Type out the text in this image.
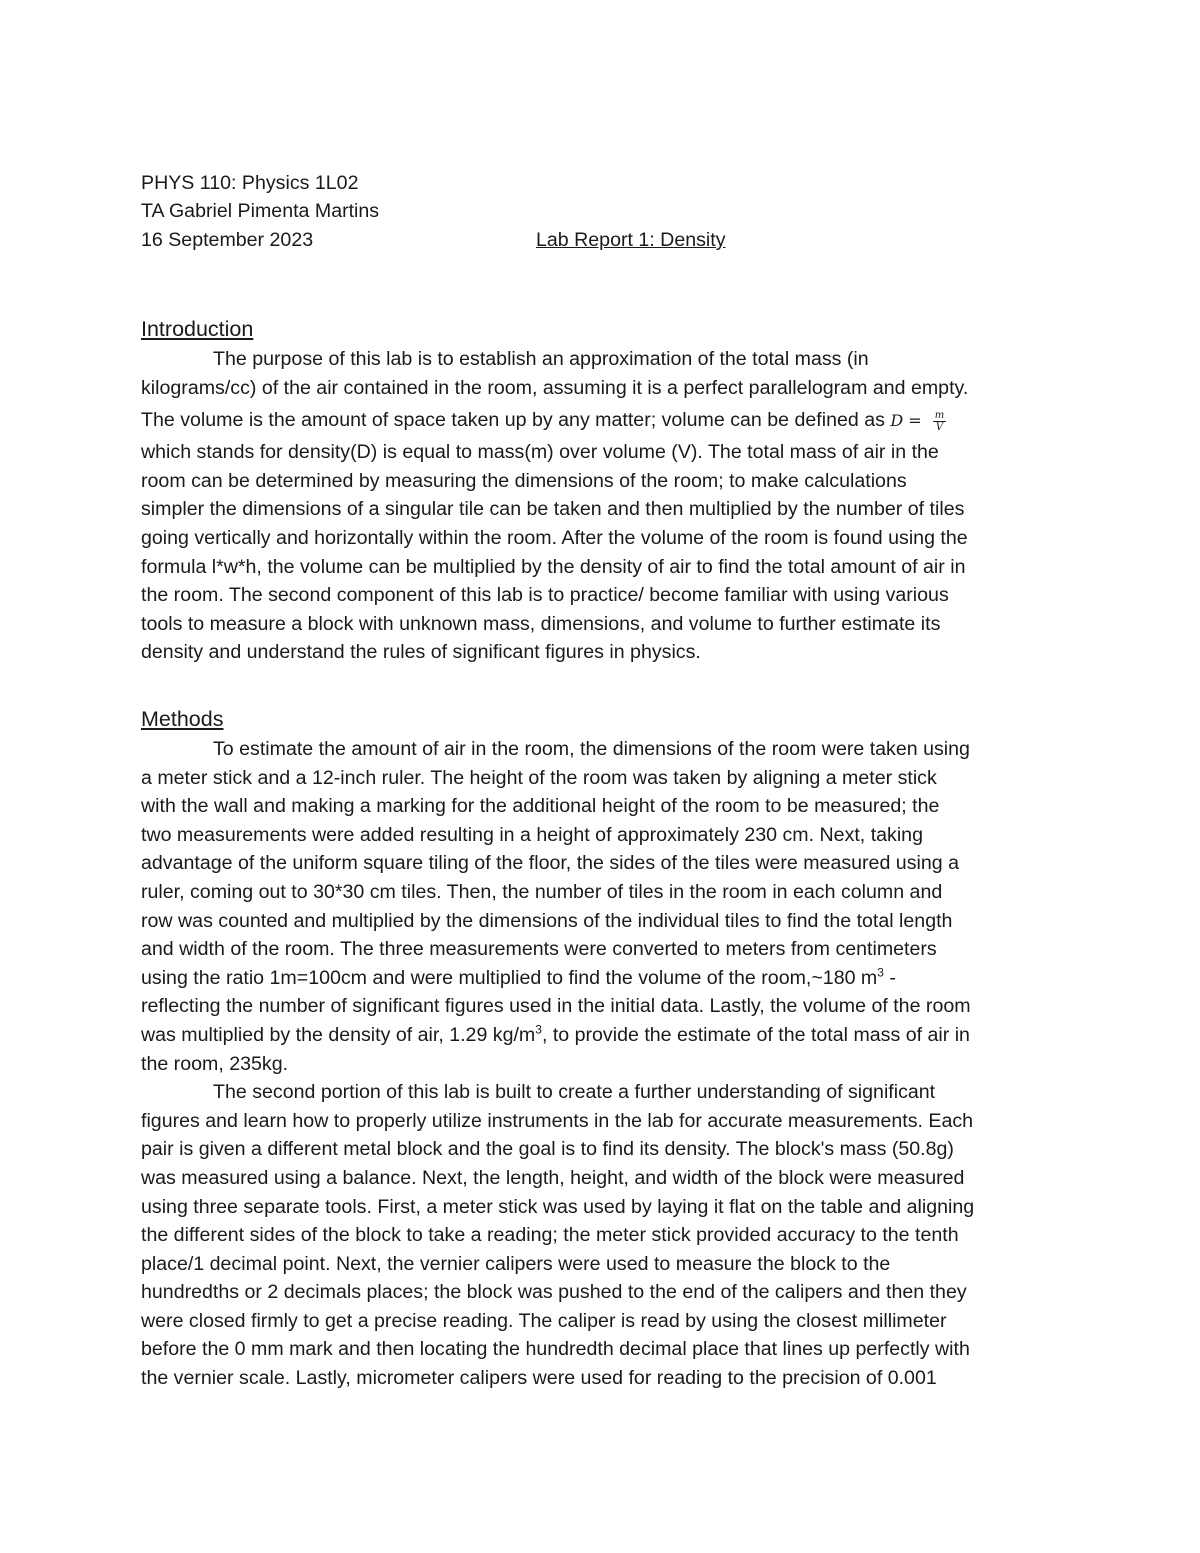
PHYS 110: Physics 1L02
TA Gabriel Pimenta Martins
16 September 2023	Lab Report 1: Density
Introduction
The purpose of this lab is to establish an approximation of the total mass (in
kilograms/cc) of the air contained in the room, assuming it is a perfect parallelogram and empty.
The volume is the amount of space taken up by any matter; volume can be defined as $D = \frac{m}{V}$
which stands for density(D) is equal to mass(m) over volume (V). The total mass of air in the
room can be determined by measuring the dimensions of the room; to make calculations
simpler the dimensions of a singular tile can be taken and then multiplied by the number of tiles
going vertically and horizontally within the room. After the volume of the room is found using the
formula l*w*h, the volume can be multiplied by the density of air to find the total amount of air in
the room. The second component of this lab is to practice/ become familiar with using various
tools to measure a block with unknown mass, dimensions, and volume to further estimate its
density and understand the rules of significant figures in physics.
Methods
To estimate the amount of air in the room, the dimensions of the room were taken using
a meter stick and a 12-inch ruler. The height of the room was taken by aligning a meter stick
with the wall and making a marking for the additional height of the room to be measured; the
two measurements were added resulting in a height of approximately 230 cm. Next, taking
advantage of the uniform square tiling of the floor, the sides of the tiles were measured using a
ruler, coming out to 30*30 cm tiles. Then, the number of tiles in the room in each column and
row was counted and multiplied by the dimensions of the individual tiles to find the total length
and width of the room. The three measurements were converted to meters from centimeters
using the ratio 1m=100cm and were multiplied to find the volume of the room,~180 $m^3$ -
reflecting the number of significant figures used in the initial data. Lastly, the volume of the room
was multiplied by the density of air, 1.29 $kg/m^3$, to provide the estimate of the total mass of air in
the room, 235kg.
The second portion of this lab is built to create a further understanding of significant
figures and learn how to properly utilize instruments in the lab for accurate measurements. Each
pair is given a different metal block and the goal is to find its density. The block's mass (50.8g)
was measured using a balance. Next, the length, height, and width of the block were measured
using three separate tools. First, a meter stick was used by laying it flat on the table and aligning
the different sides of the block to take a reading; the meter stick provided accuracy to the tenth
place/1 decimal point. Next, the vernier calipers were used to measure the block to the
hundredths or 2 decimals places; the block was pushed to the end of the calipers and then they
were closed firmly to get a precise reading. The caliper is read by using the closest millimeter
before the 0 mm mark and then locating the hundredth decimal place that lines up perfectly with
the vernier scale. Lastly, micrometer calipers were used for reading to the precision of 0.001
